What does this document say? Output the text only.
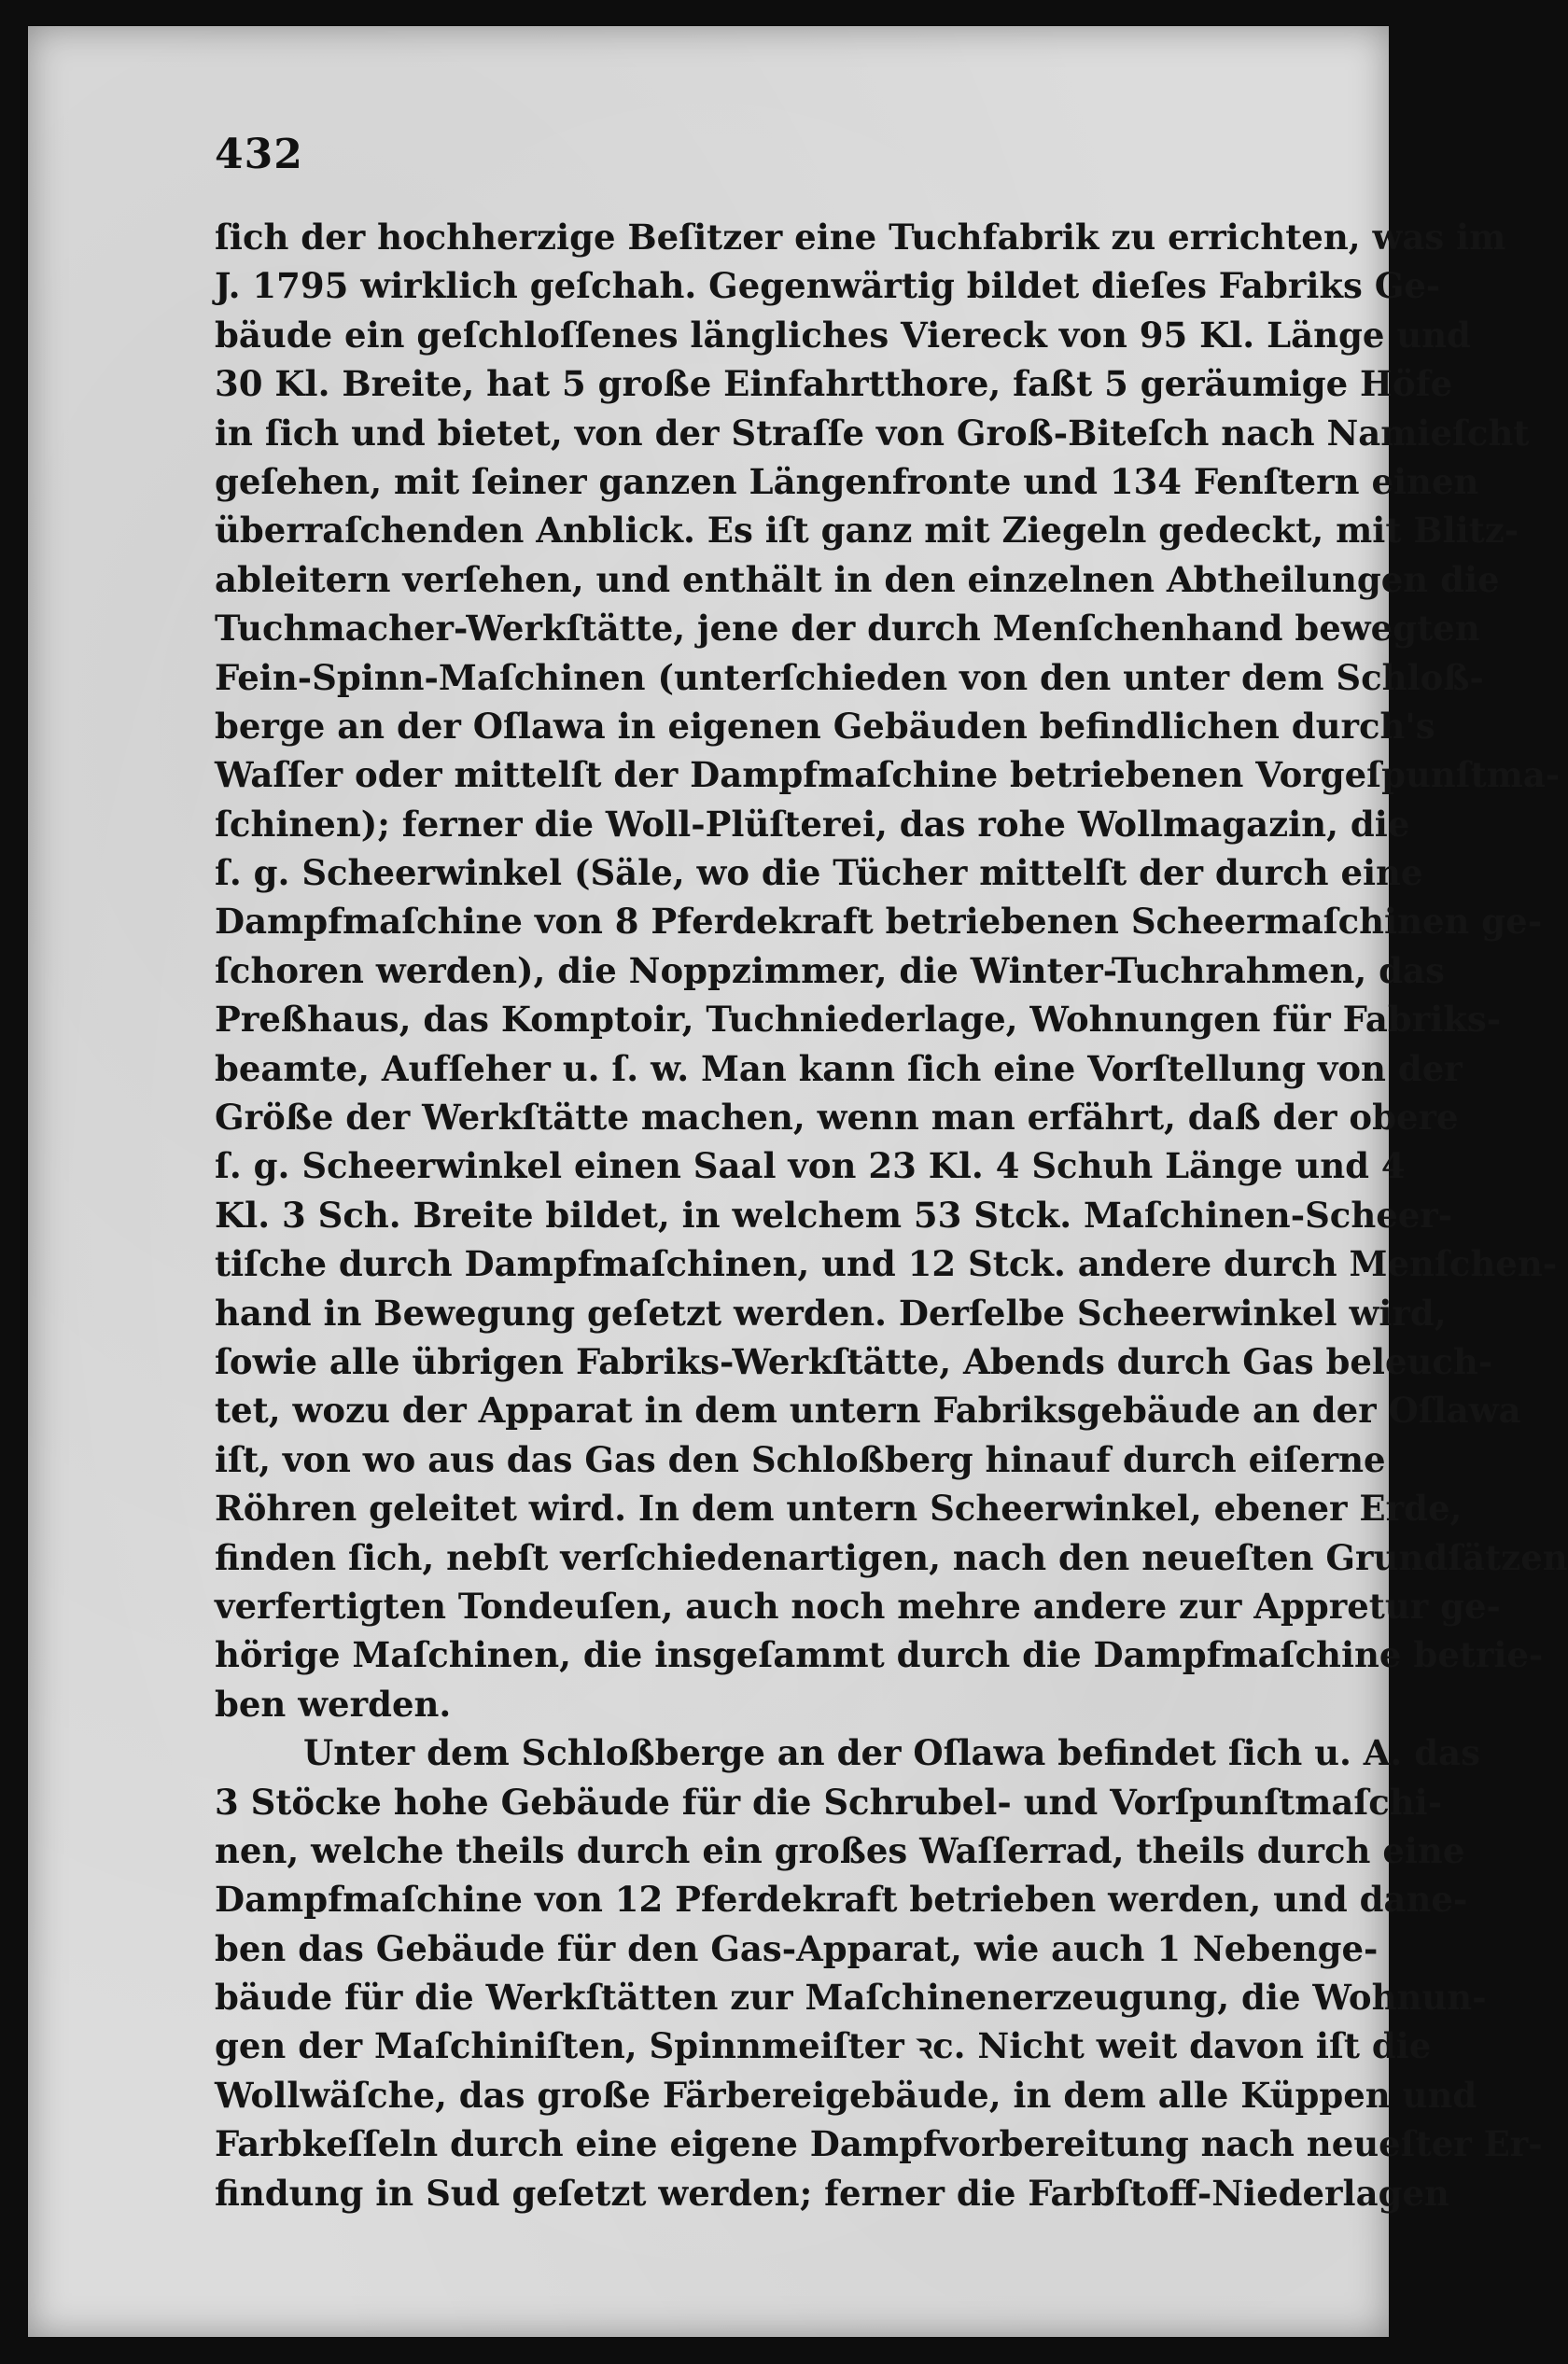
432
ſich der hochherzige Beſitzer eine Tuchfabrik zu errichten, was im
J. 1795 wirklich geſchah. Gegenwärtig bildet dieſes Fabriks Ge-
bäude ein geſchloſſenes längliches Viereck von 95 Kl. Länge und
30 Kl. Breite, hat 5 große Einfahrtthore, faßt 5 geräumige Höfe
in ſich und bietet, von der Straſſe von Groß-Biteſch nach Namieſcht
geſehen, mit ſeiner ganzen Längenfronte und 134 Fenſtern einen
überraſchenden Anblick. Es iſt ganz mit Ziegeln gedeckt, mit Blitz-
ableitern verſehen, und enthält in den einzelnen Abtheilungen die
Tuchmacher-Werkſtätte, jene der durch Menſchenhand bewegten
Fein-Spinn-Maſchinen (unterſchieden von den unter dem Schloß-
berge an der Oſlawa in eigenen Gebäuden befindlichen durch's
Waſſer oder mittelſt der Dampfmaſchine betriebenen Vorgeſpunſtma-
ſchinen); ferner die Woll-Plüſterei, das rohe Wollmagazin, die
ſ. g. Scheerwinkel (Säle, wo die Tücher mittelſt der durch eine
Dampfmaſchine von 8 Pferdekraft betriebenen Scheermaſchinen ge-
ſchoren werden), die Noppzimmer, die Winter-Tuchrahmen, das
Preßhaus, das Komptoir, Tuchniederlage, Wohnungen für Fabriks-
beamte, Aufſeher u. ſ. w. Man kann ſich eine Vorſtellung von der
Größe der Werkſtätte machen, wenn man erfährt, daß der obere
ſ. g. Scheerwinkel einen Saal von 23 Kl. 4 Schuh Länge und 4
Kl. 3 Sch. Breite bildet, in welchem 53 Stck. Maſchinen-Scheer-
tiſche durch Dampfmaſchinen, und 12 Stck. andere durch Menſchen-
hand in Bewegung geſetzt werden. Derſelbe Scheerwinkel wird,
ſowie alle übrigen Fabriks-Werkſtätte, Abends durch Gas beleuch-
tet, wozu der Apparat in dem untern Fabriksgebäude an der Oſlawa
iſt, von wo aus das Gas den Schloßberg hinauf durch eiſerne
Röhren geleitet wird. In dem untern Scheerwinkel, ebener Erde,
finden ſich, nebſt verſchiedenartigen, nach den neueſten Grundſätzen
verfertigten Tondeuſen, auch noch mehre andere zur Appretur ge-
hörige Maſchinen, die insgeſammt durch die Dampfmaſchine betrie-
ben werden.
Unter dem Schloßberge an der Oſlawa befindet ſich u. A. das
3 Stöcke hohe Gebäude für die Schrubel- und Vorſpunſtmaſchi-
nen, welche theils durch ein großes Waſſerrad, theils durch eine
Dampfmaſchine von 12 Pferdekraft betrieben werden, und dane-
ben das Gebäude für den Gas-Apparat, wie auch 1 Nebenge-
bäude für die Werkſtätten zur Maſchinenerzeugung, die Wohnun-
gen der Maſchiniſten, Spinnmeiſter ꝛc. Nicht weit davon iſt die
Wollwäſche, das große Färbereigebäude, in dem alle Küppen und
Farbkeſſeln durch eine eigene Dampfvorbereitung nach neueſter Er-
findung in Sud geſetzt werden; ferner die Farbſtoff-Niederlagen
